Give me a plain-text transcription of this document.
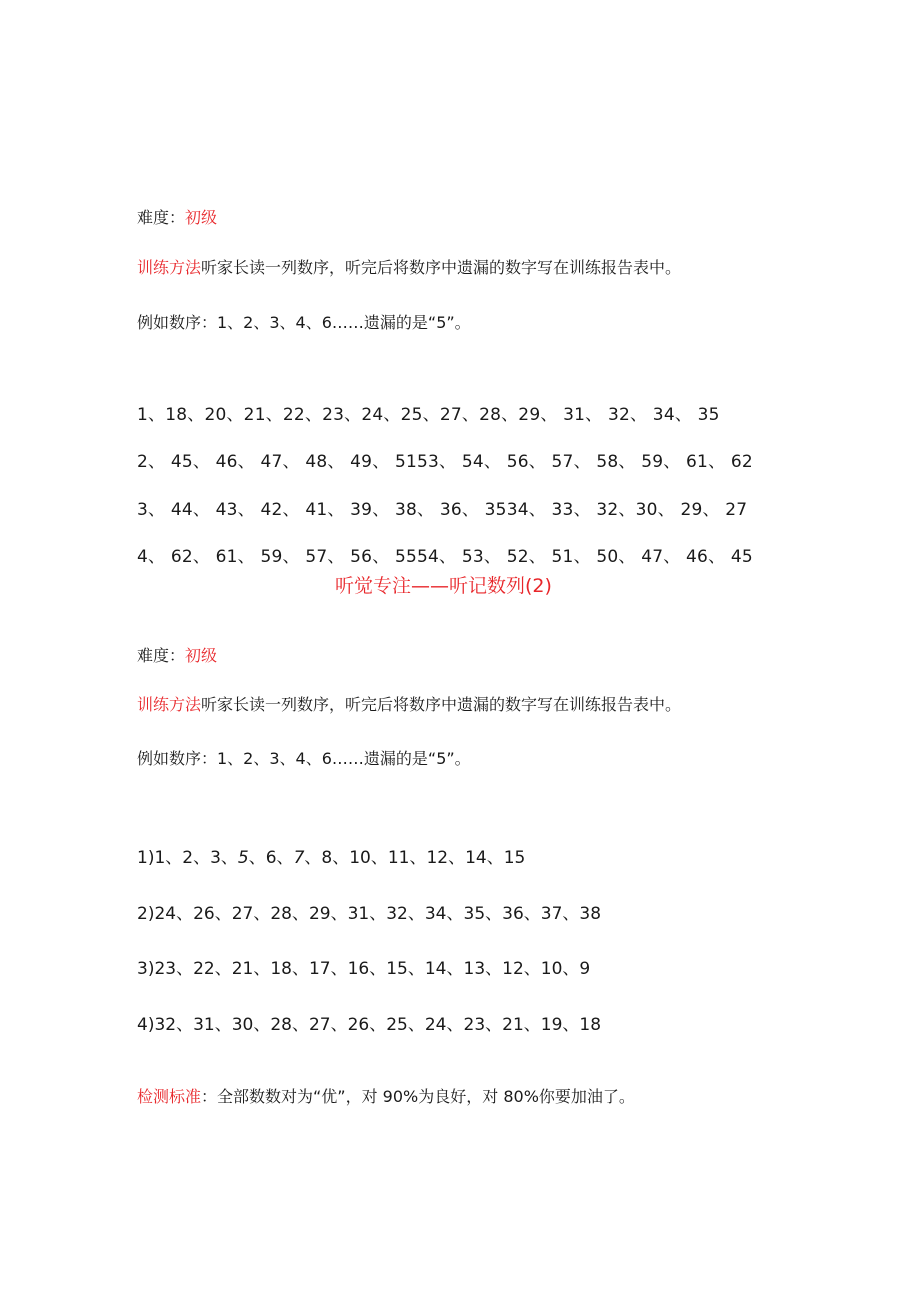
难度：初级
训练方法听家长读一列数序，听完后将数序中遗漏的数字写在训练报告表中。
例如数序：1、2、3、4、6……遗漏的是“5”。
1、18、20、21、22、23、24、25、27、28、29、 31、 32、 34、 35
2、 45、 46、 47、 48、 49、 5153、 54、 56、 57、 58、 59、 61、 62
3、 44、 43、 42、 41、 39、 38、 36、 3534、 33、 32、30、 29、 27
4、 62、 61、 59、 57、 56、 5554、 53、 52、 51、 50、 47、 46、 45
听觉专注——听记数列(2)
难度：初级
训练方法听家长读一列数序，听完后将数序中遗漏的数字写在训练报告表中。
例如数序：1、2、3、4、6……遗漏的是“5”。
1)1、2、3、5、6、7、8、10、11、12、14、15
2)24、26、27、28、29、31、32、34、35、36、37、38
3)23、22、21、18、17、16、15、14、13、12、10、9
4)32、31、30、28、27、26、25、24、23、21、19、18
检测标准：全部数数对为“优”，对 90%为良好，对 80%你要加油了。
